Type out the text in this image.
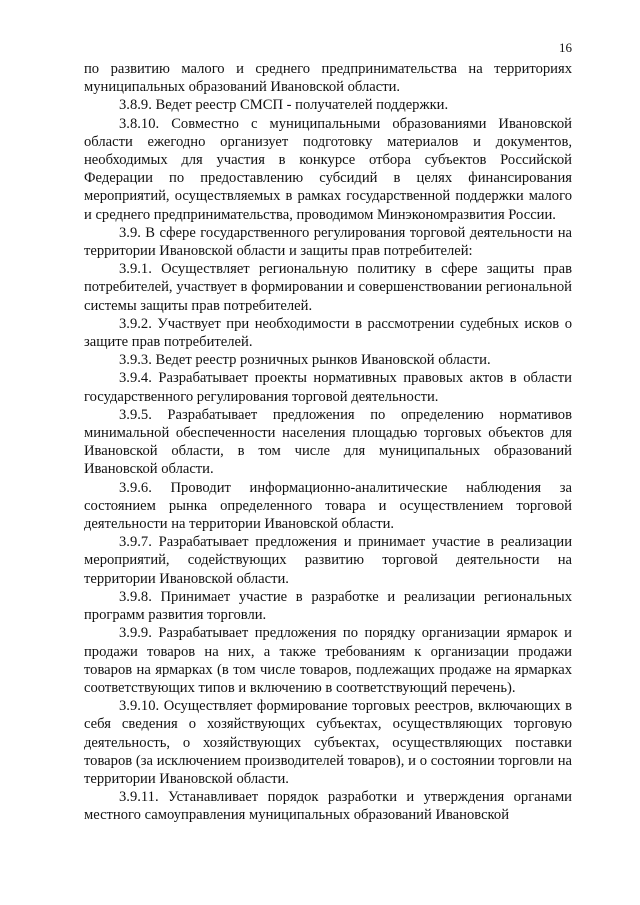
16

по развитию малого и среднего предпринимательства на территориях муниципальных образований Ивановской области.

3.8.9. Ведет реестр СМСП - получателей поддержки.

3.8.10. Совместно с муниципальными образованиями Ивановской области ежегодно организует подготовку материалов и документов, необходимых для участия в конкурсе отбора субъектов Российской Федерации по предоставлению субсидий в целях финансирования мероприятий, осуществляемых в рамках государственной поддержки малого и среднего предпринимательства, проводимом Минэкономразвития России.

3.9. В сфере государственного регулирования торговой деятельности на территории Ивановской области и защиты прав потребителей:

3.9.1. Осуществляет региональную политику в сфере защиты прав потребителей, участвует в формировании и совершенствовании региональной системы защиты прав потребителей.

3.9.2. Участвует при необходимости в рассмотрении судебных исков о защите прав потребителей.

3.9.3. Ведет реестр розничных рынков Ивановской области.

3.9.4. Разрабатывает проекты нормативных правовых актов в области государственного регулирования торговой деятельности.

3.9.5. Разрабатывает предложения по определению нормативов минимальной обеспеченности населения площадью торговых объектов для Ивановской области, в том числе для муниципальных образований Ивановской области.

3.9.6. Проводит информационно-аналитические наблюдения за состоянием рынка определенного товара и осуществлением торговой деятельности на территории Ивановской области.

3.9.7. Разрабатывает предложения и принимает участие в реализации мероприятий, содействующих развитию торговой деятельности на территории Ивановской области.

3.9.8. Принимает участие в разработке и реализации региональных программ развития торговли.

3.9.9. Разрабатывает предложения по порядку организации ярмарок и продажи товаров на них, а также требованиям к организации продажи товаров на ярмарках (в том числе товаров, подлежащих продаже на ярмарках соответствующих типов и включению в соответствующий перечень).

3.9.10. Осуществляет формирование торговых реестров, включающих в себя сведения о хозяйствующих субъектах, осуществляющих торговую деятельность, о хозяйствующих субъектах, осуществляющих поставки товаров (за исключением производителей товаров), и о состоянии торговли на территории Ивановской области.

3.9.11. Устанавливает порядок разработки и утверждения органами местного самоуправления муниципальных образований Ивановской
